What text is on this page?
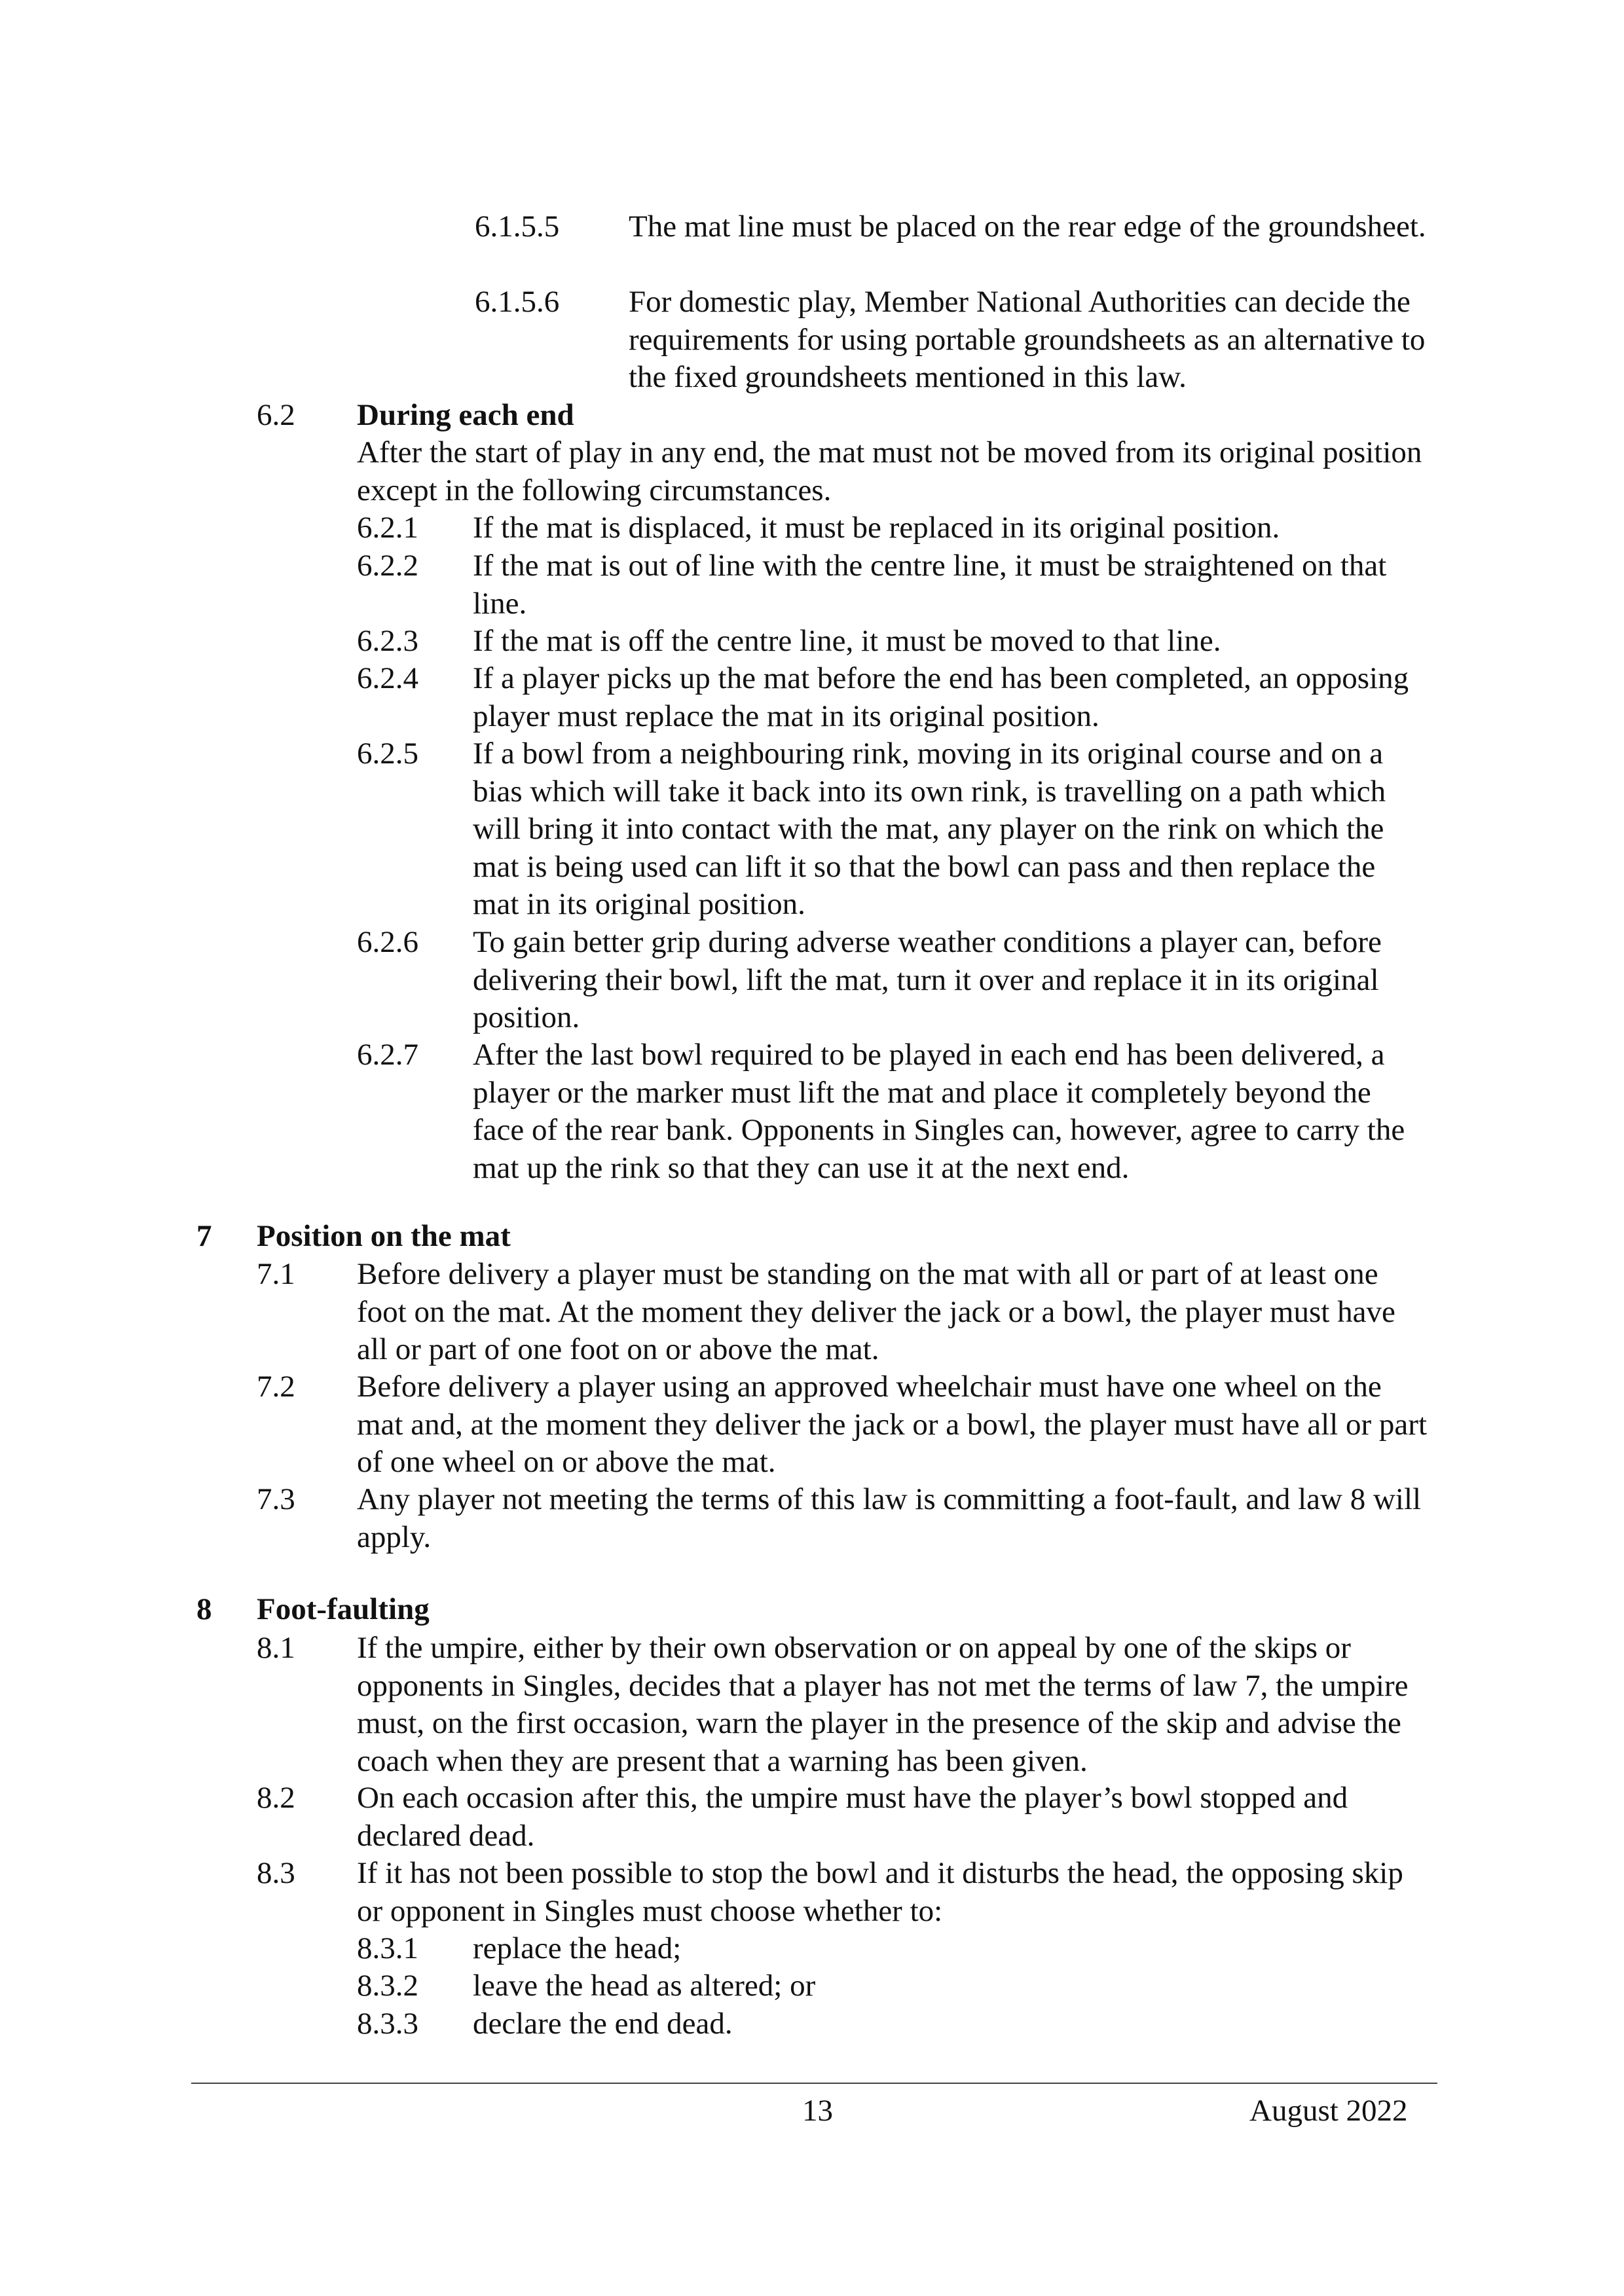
6.1.5.5 The mat line must be placed on the rear edge of the groundsheet.
6.1.5.6 For domestic play, Member National Authorities can decide the requirements for using portable groundsheets as an alternative to the fixed groundsheets mentioned in this law.
6.2 During each end
After the start of play in any end, the mat must not be moved from its original position except in the following circumstances.
6.2.1 If the mat is displaced, it must be replaced in its original position.
6.2.2 If the mat is out of line with the centre line, it must be straightened on that line.
6.2.3 If the mat is off the centre line, it must be moved to that line.
6.2.4 If a player picks up the mat before the end has been completed, an opposing player must replace the mat in its original position.
6.2.5 If a bowl from a neighbouring rink, moving in its original course and on a bias which will take it back into its own rink, is travelling on a path which will bring it into contact with the mat, any player on the rink on which the mat is being used can lift it so that the bowl can pass and then replace the mat in its original position.
6.2.6 To gain better grip during adverse weather conditions a player can, before delivering their bowl, lift the mat, turn it over and replace it in its original position.
6.2.7 After the last bowl required to be played in each end has been delivered, a player or the marker must lift the mat and place it completely beyond the face of the rear bank. Opponents in Singles can, however, agree to carry the mat up the rink so that they can use it at the next end.
7 Position on the mat
7.1 Before delivery a player must be standing on the mat with all or part of at least one foot on the mat. At the moment they deliver the jack or a bowl, the player must have all or part of one foot on or above the mat.
7.2 Before delivery a player using an approved wheelchair must have one wheel on the mat and, at the moment they deliver the jack or a bowl, the player must have all or part of one wheel on or above the mat.
7.3 Any player not meeting the terms of this law is committing a foot-fault, and law 8 will apply.
8 Foot-faulting
8.1 If the umpire, either by their own observation or on appeal by one of the skips or opponents in Singles, decides that a player has not met the terms of law 7, the umpire must, on the first occasion, warn the player in the presence of the skip and advise the coach when they are present that a warning has been given.
8.2 On each occasion after this, the umpire must have the player’s bowl stopped and declared dead.
8.3 If it has not been possible to stop the bowl and it disturbs the head, the opposing skip or opponent in Singles must choose whether to:
8.3.1 replace the head;
8.3.2 leave the head as altered; or
8.3.3 declare the end dead.
13	August 2022
